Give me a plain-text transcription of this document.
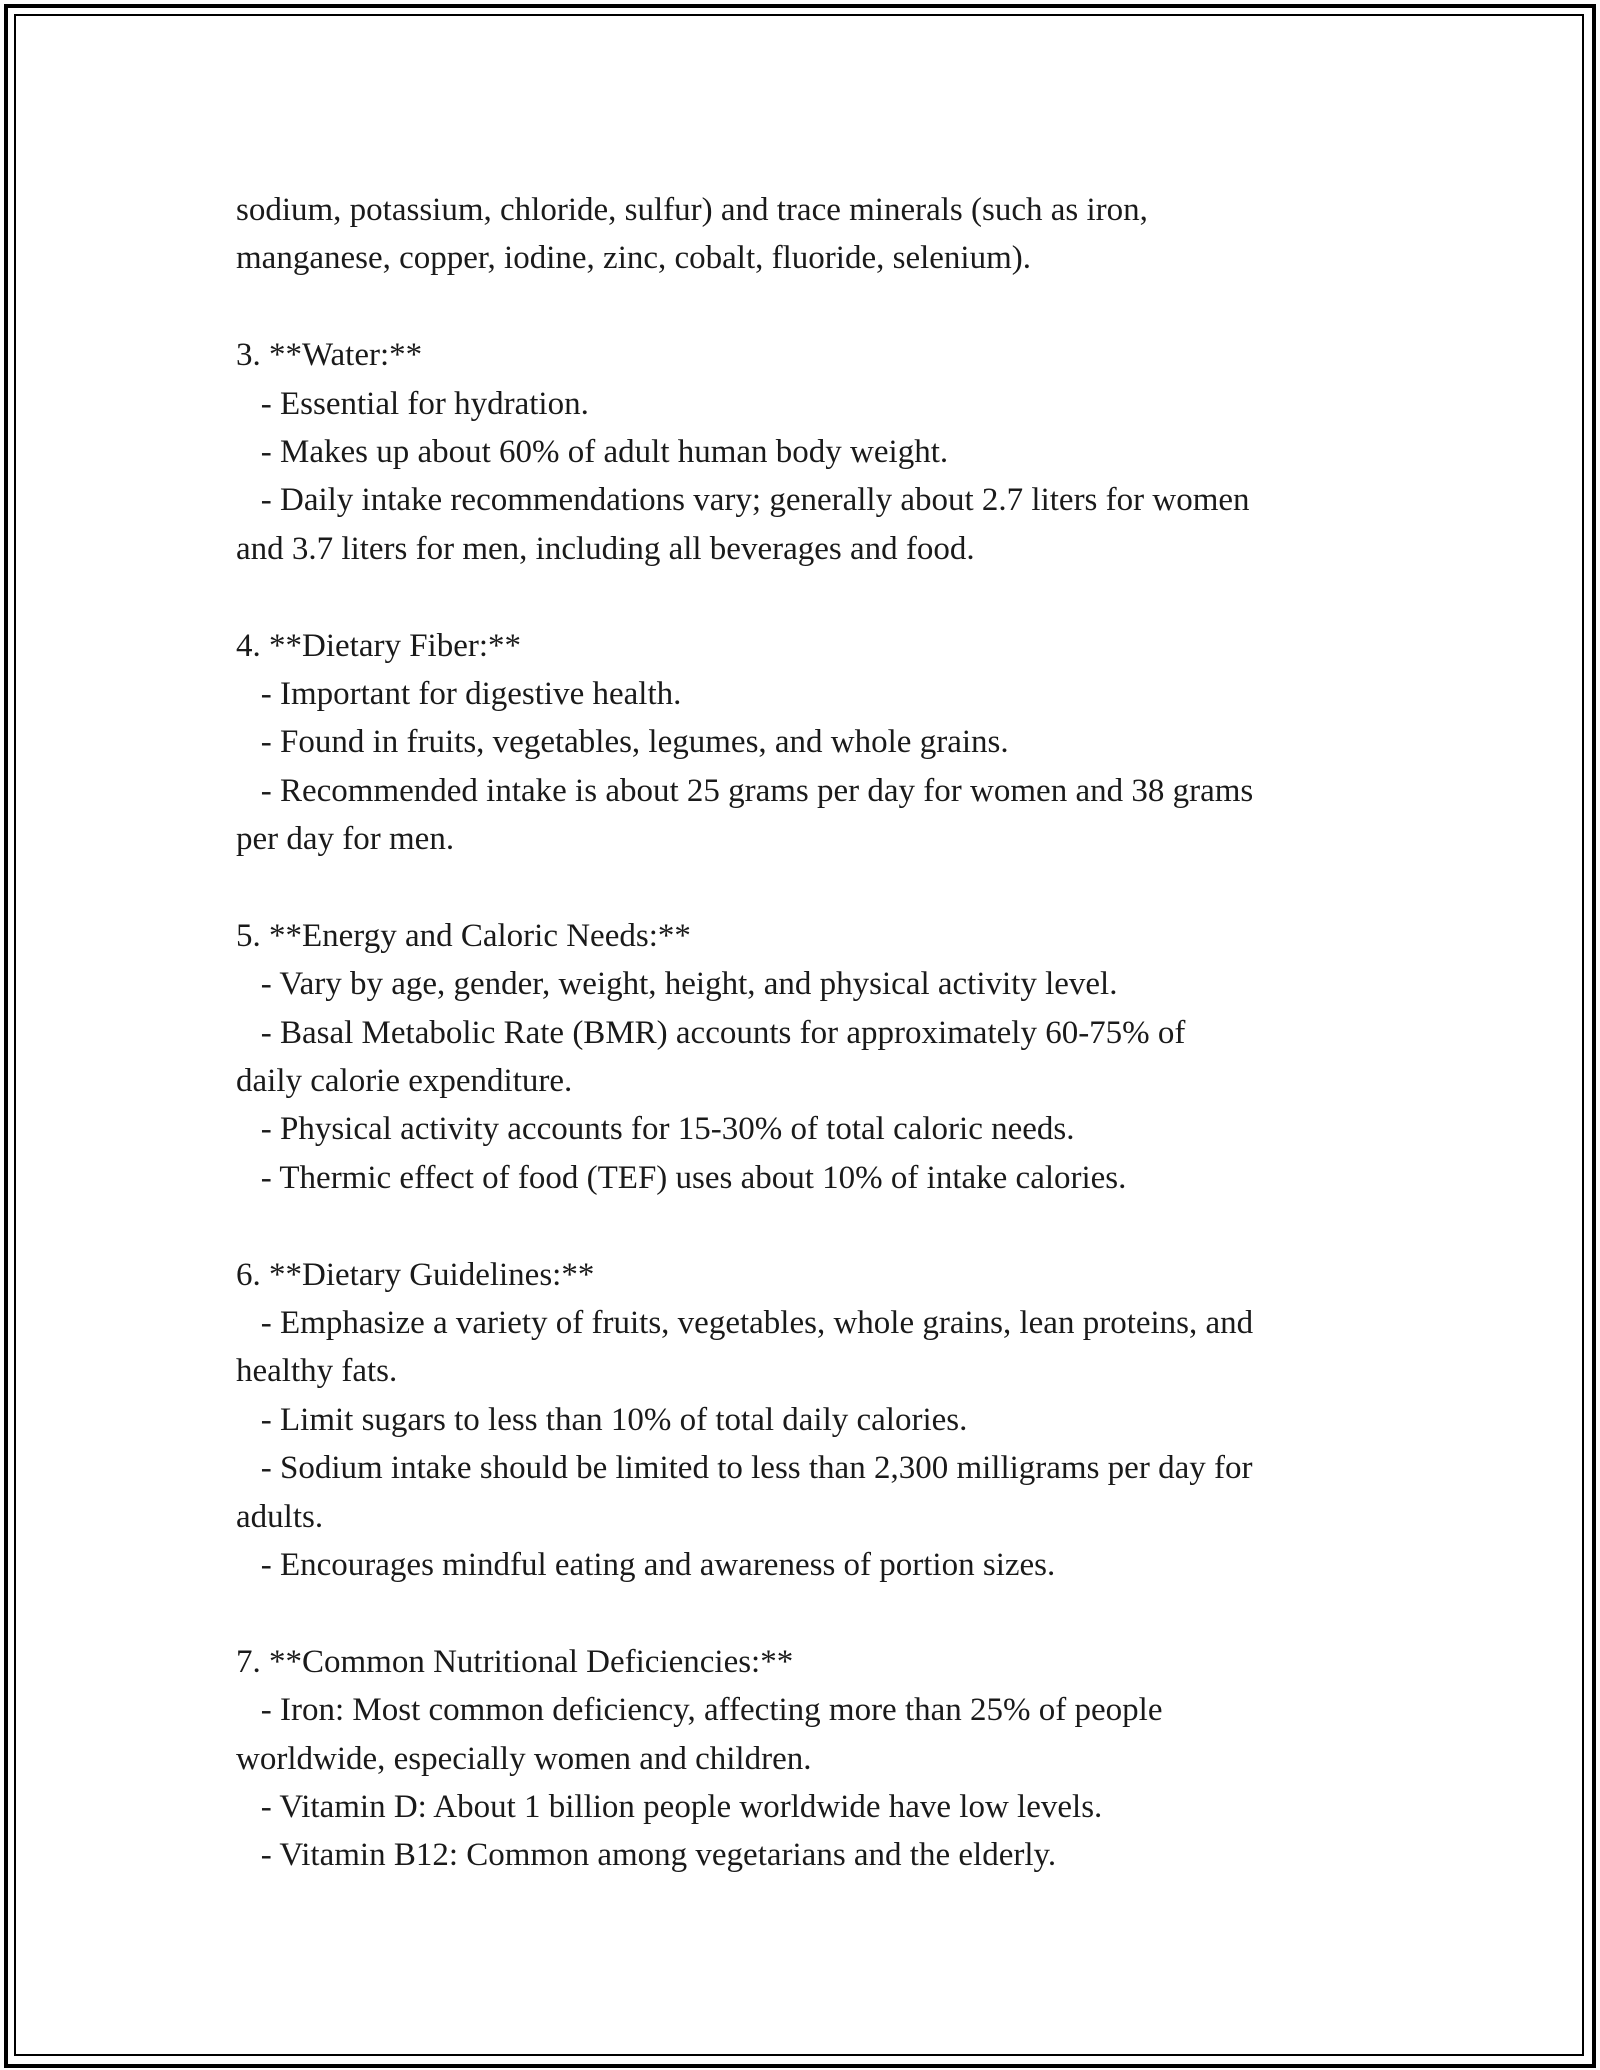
sodium, potassium, chloride, sulfur) and trace minerals (such as iron,
manganese, copper, iodine, zinc, cobalt, fluoride, selenium).
3. **Water:**
- Essential for hydration.
- Makes up about 60% of adult human body weight.
- Daily intake recommendations vary; generally about 2.7 liters for women
and 3.7 liters for men, including all beverages and food.
4. **Dietary Fiber:**
- Important for digestive health.
- Found in fruits, vegetables, legumes, and whole grains.
- Recommended intake is about 25 grams per day for women and 38 grams
per day for men.
5. **Energy and Caloric Needs:**
- Vary by age, gender, weight, height, and physical activity level.
- Basal Metabolic Rate (BMR) accounts for approximately 60-75% of
daily calorie expenditure.
- Physical activity accounts for 15-30% of total caloric needs.
- Thermic effect of food (TEF) uses about 10% of intake calories.
6. **Dietary Guidelines:**
- Emphasize a variety of fruits, vegetables, whole grains, lean proteins, and
healthy fats.
- Limit sugars to less than 10% of total daily calories.
- Sodium intake should be limited to less than 2,300 milligrams per day for
adults.
- Encourages mindful eating and awareness of portion sizes.
7. **Common Nutritional Deficiencies:**
- Iron: Most common deficiency, affecting more than 25% of people
worldwide, especially women and children.
- Vitamin D: About 1 billion people worldwide have low levels.
- Vitamin B12: Common among vegetarians and the elderly.
